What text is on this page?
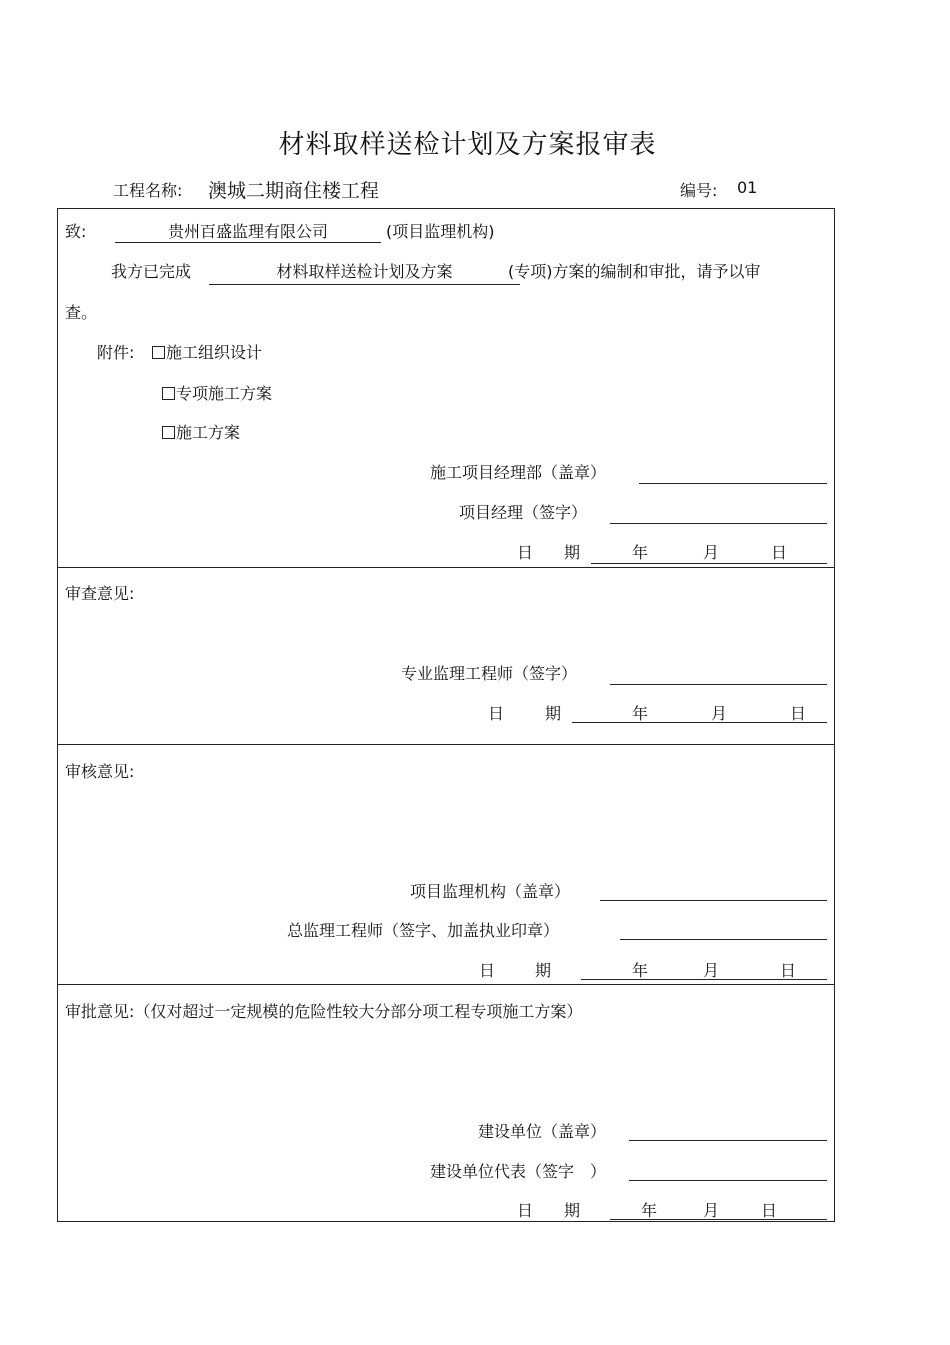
材料取样送检计划及方案报审表
工程名称: 澳城二期商住楼工程	编号: 01
致:	贵州百盛监理有限公司	(项目监理机构)
我方已完成	材料取样送检计划及方案	(专项)方案的编制和审批，请予以审
查。
附件:	施工组织设计
专项施工方案
施工方案
施工项目经理部（盖章）
项目经理（签字）
日 期	年	月	日
审查意见:
专业监理工程师（签字）
日	期	年	月	日
审核意见:
项目监理机构（盖章）
总监理工程师（签字、加盖执业印章）
日 期	年	月	日
审批意见:（仅对超过一定规模的危险性较大分部分项工程专项施工方案）
建设单位（盖章）
建设单位代表（签字　）
日 期	年	月	日
